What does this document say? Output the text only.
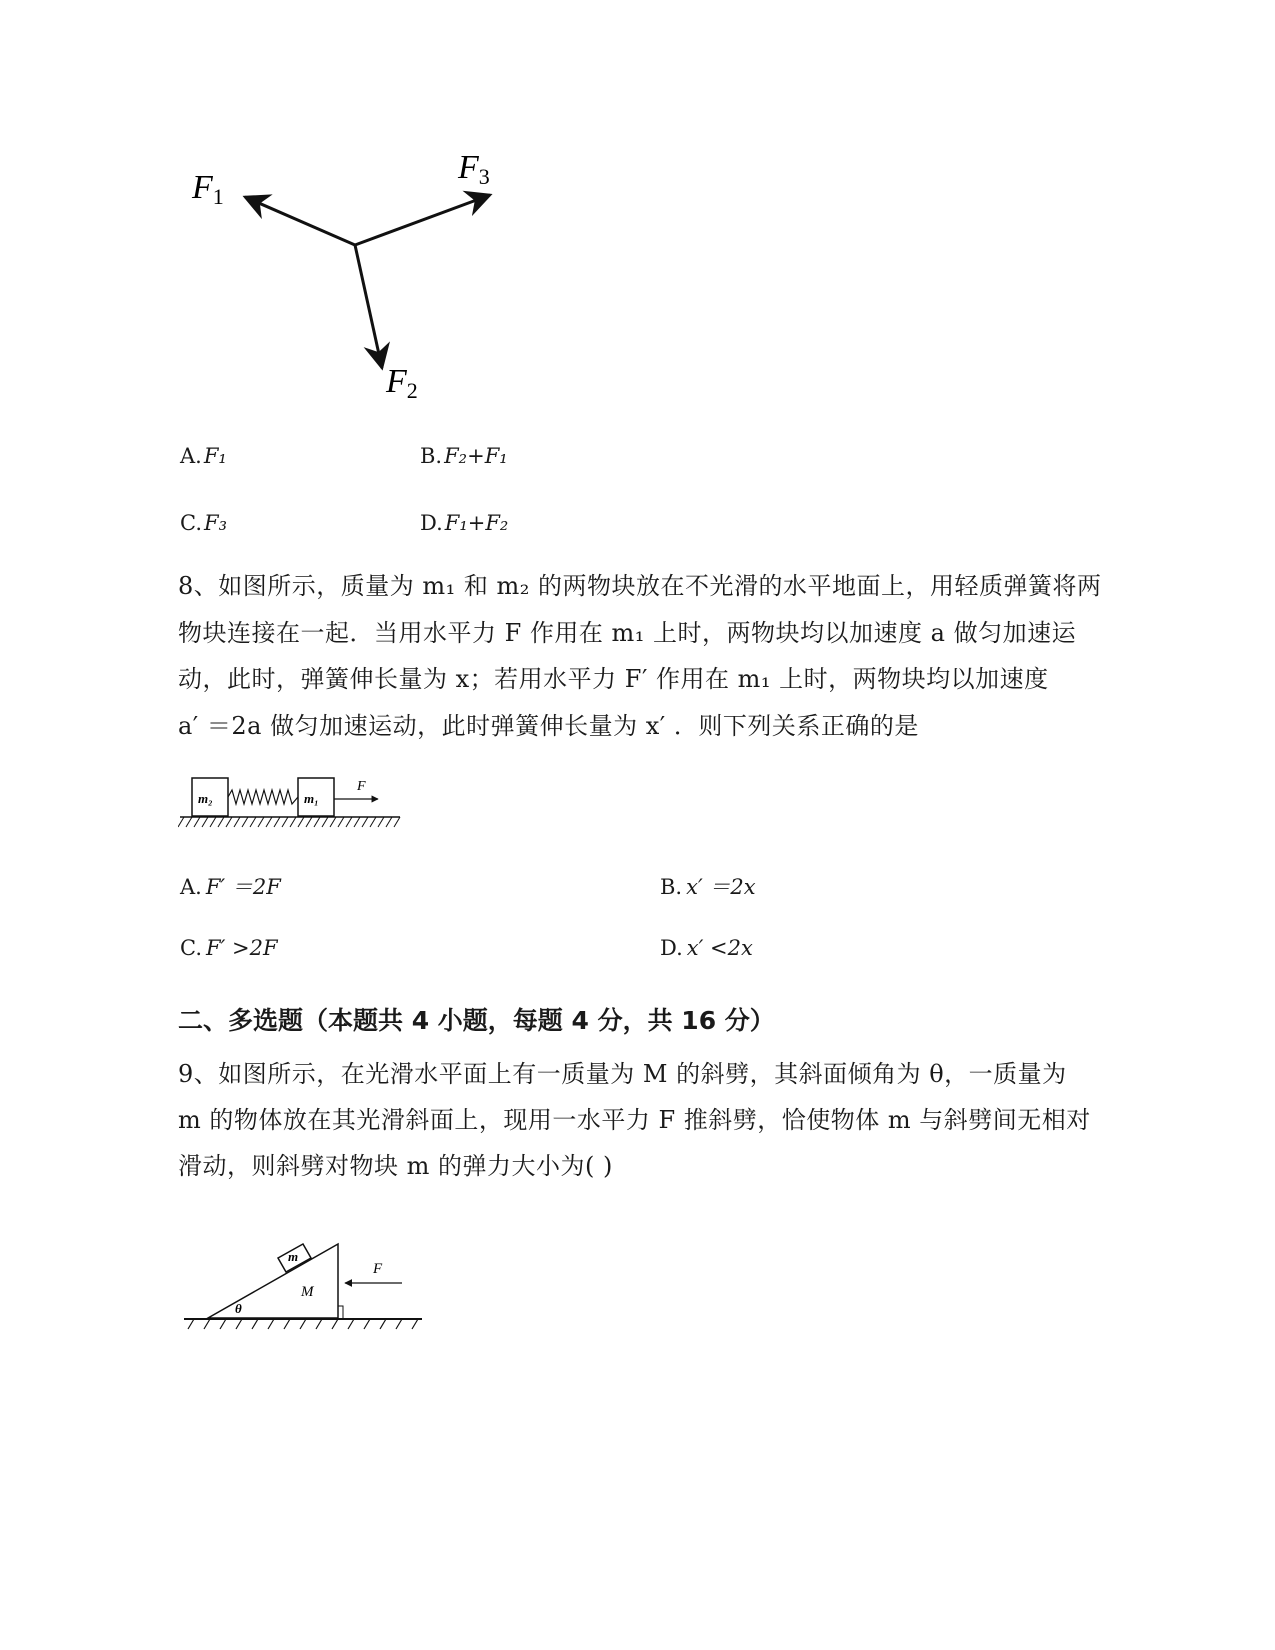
F1
F3
F2
A.F₁	B.F₂+F₁
C.F₃	D.F₁+F₂
8、如图所示，质量为 m₁ 和 m₂ 的两物块放在不光滑的水平地面上，用轻质弹簧将两
物块连接在一起．当用水平力 F 作用在 m₁ 上时，两物块均以加速度 a 做匀加速运
动，此时，弹簧伸长量为 x；若用水平力 F′ 作用在 m₁ 上时，两物块均以加速度
a′ ＝2a 做匀加速运动，此时弹簧伸长量为 x′ ．则下列关系正确的是
m₂	m₁
F
A. F′ ＝2F	B. x′ ＝2x
C. F′ >2F	D. x′ <2x
二、多选题（本题共 4 小题，每题 4 分，共 16 分）
9、如图所示，在光滑水平面上有一质量为 M 的斜劈，其斜面倾角为 θ，一质量为
m 的物体放在其光滑斜面上，现用一水平力 F 推斜劈，恰使物体 m 与斜劈间无相对
滑动，则斜劈对物块 m 的弹力大小为( )
m
M
θ
F
